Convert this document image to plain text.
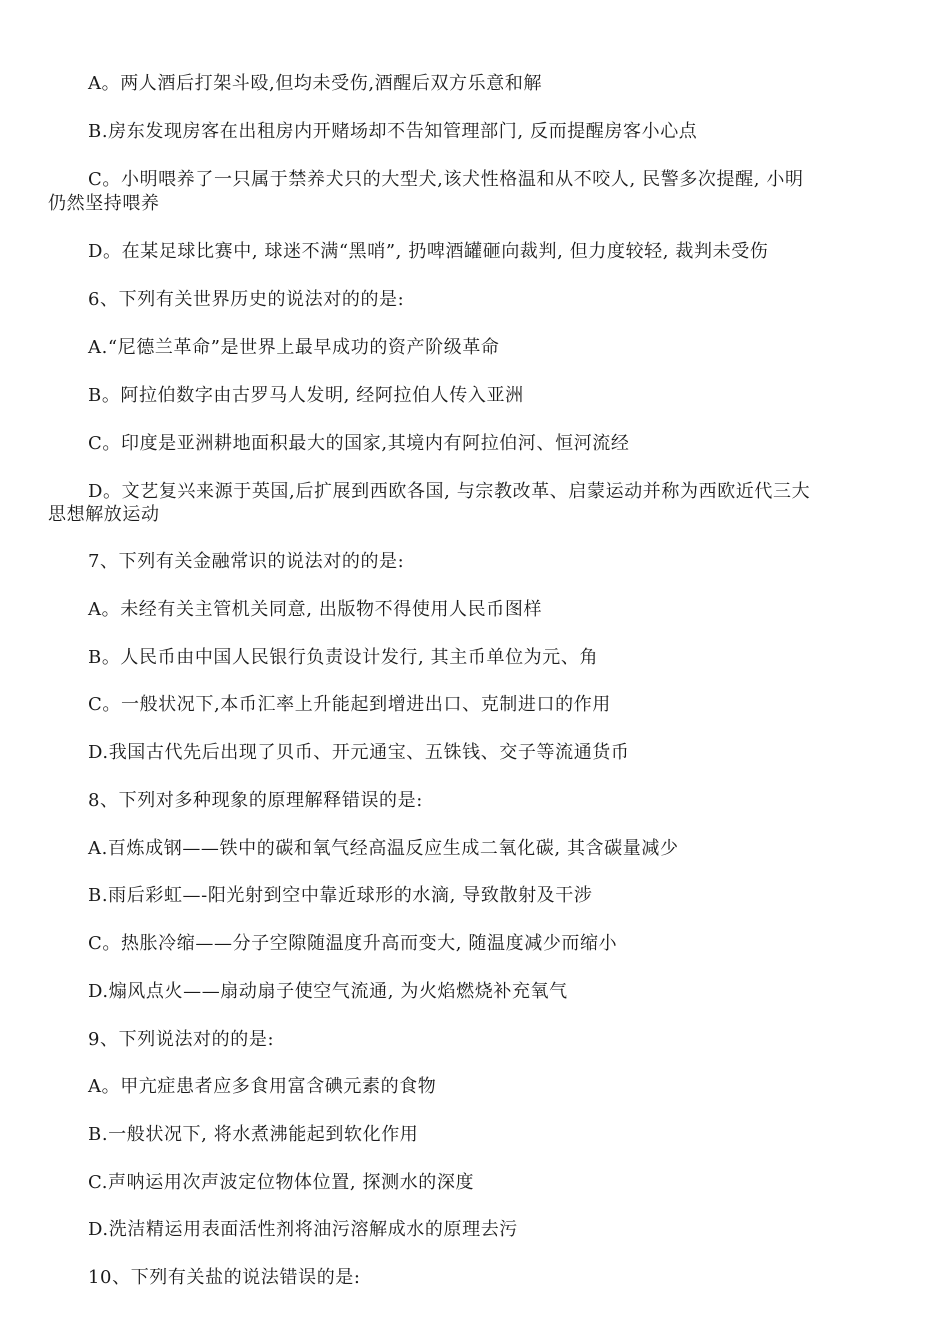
A。两人酒后打架斗殴,但均未受伤,酒醒后双方乐意和解
B.房东发现房客在出租房内开赌场却不告知管理部门, 反而提醒房客小心点
C。小明喂养了一只属于禁养犬只的大型犬,该犬性格温和从不咬人, 民警多次提醒, 小明
仍然坚持喂养
D。在某足球比赛中, 球迷不满“黑哨”, 扔啤酒罐砸向裁判, 但力度较轻, 裁判未受伤
6、下列有关世界历史的说法对的的是:
A.“尼德兰革命”是世界上最早成功的资产阶级革命
B。阿拉伯数字由古罗马人发明, 经阿拉伯人传入亚洲
C。印度是亚洲耕地面积最大的国家,其境内有阿拉伯河、恒河流经
D。文艺复兴来源于英国,后扩展到西欧各国, 与宗教改革、启蒙运动并称为西欧近代三大
思想解放运动
7、下列有关金融常识的说法对的的是:
A。未经有关主管机关同意, 出版物不得使用人民币图样
B。人民币由中国人民银行负责设计发行, 其主币单位为元、角
C。一般状况下,本币汇率上升能起到增进出口、克制进口的作用
D.我国古代先后出现了贝币、开元通宝、五铢钱、交子等流通货币
8、下列对多种现象的原理解释错误的是:
A.百炼成钢——铁中的碳和氧气经高温反应生成二氧化碳, 其含碳量减少
B.雨后彩虹—-阳光射到空中靠近球形的水滴, 导致散射及干涉
C。热胀冷缩——分子空隙随温度升高而变大, 随温度减少而缩小
D.煽风点火——扇动扇子使空气流通, 为火焰燃烧补充氧气
9、下列说法对的的是:
A。甲亢症患者应多食用富含碘元素的食物
B.一般状况下, 将水煮沸能起到软化作用
C.声呐运用次声波定位物体位置, 探测水的深度
D.洗洁精运用表面活性剂将油污溶解成水的原理去污
10、下列有关盐的说法错误的是:
